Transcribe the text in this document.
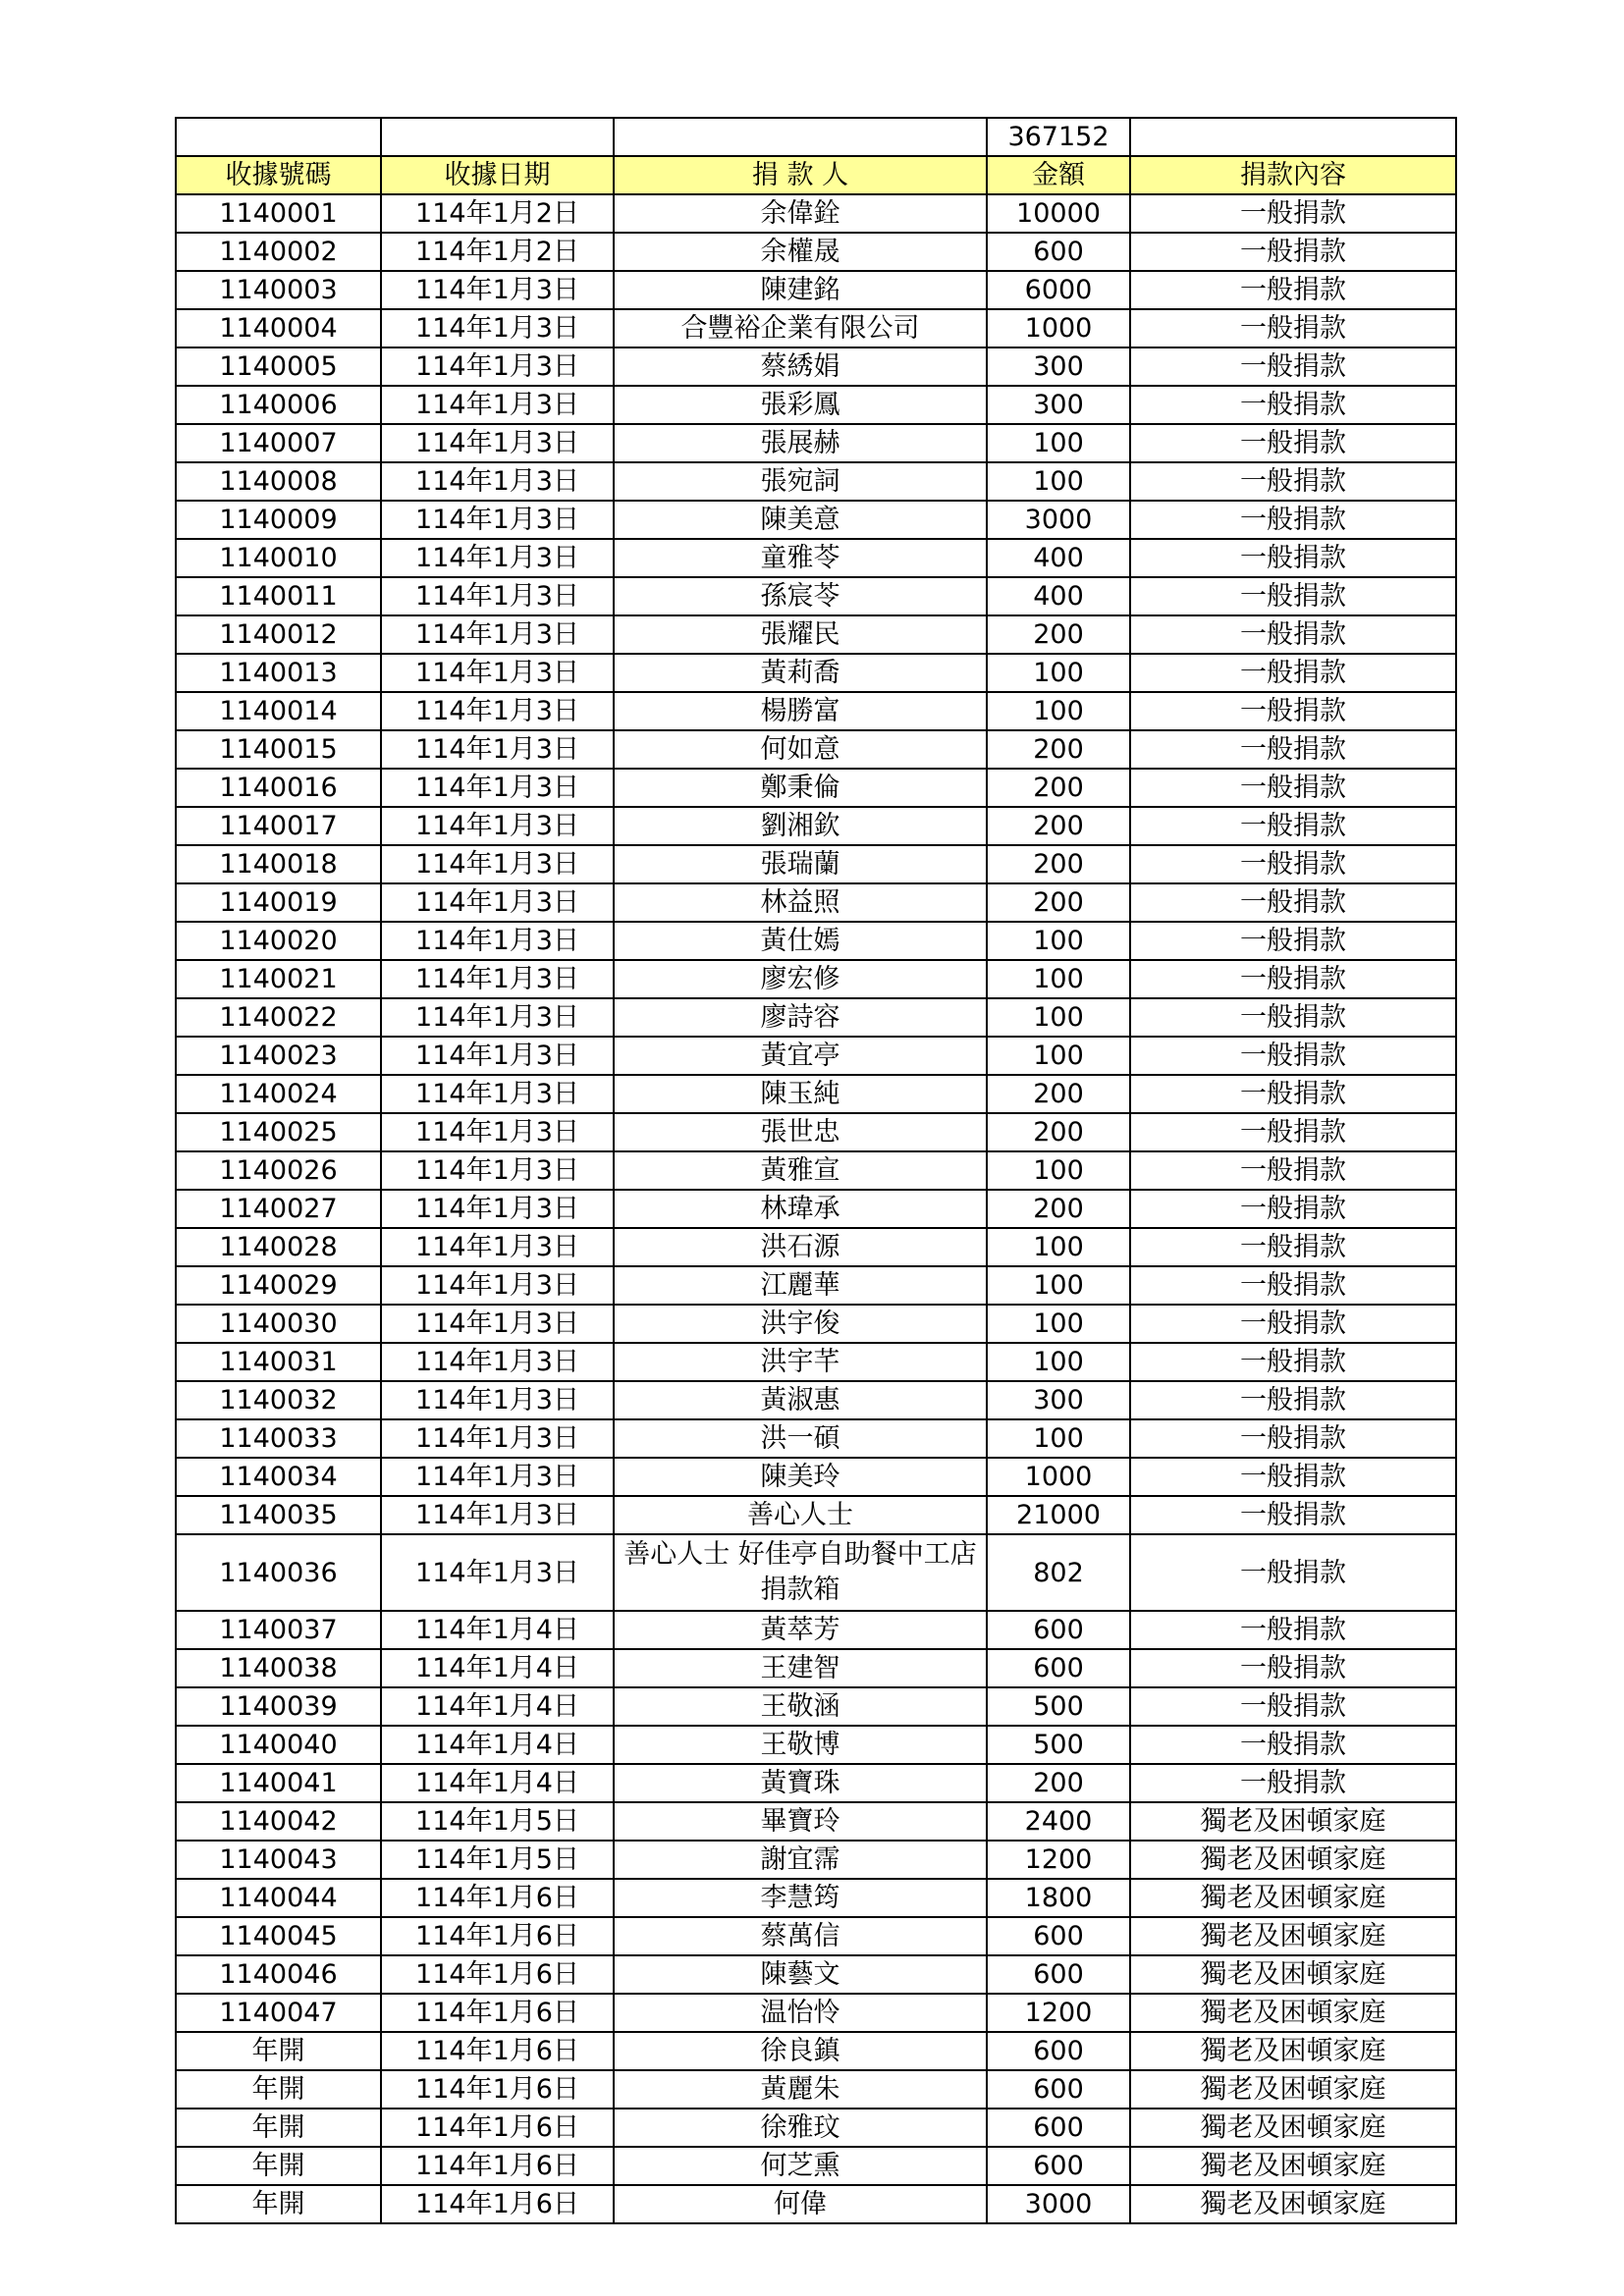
			367152	
收據號碼	收據日期	捐 款 人	金額	捐款內容
1140001	114年1月2日	余偉銓	10000	一般捐款
1140002	114年1月2日	余權晟	600	一般捐款
1140003	114年1月3日	陳建銘	6000	一般捐款
1140004	114年1月3日	合豐裕企業有限公司	1000	一般捐款
1140005	114年1月3日	蔡綉娟	300	一般捐款
1140006	114年1月3日	張彩鳳	300	一般捐款
1140007	114年1月3日	張展赫	100	一般捐款
1140008	114年1月3日	張宛詞	100	一般捐款
1140009	114年1月3日	陳美意	3000	一般捐款
1140010	114年1月3日	童雅苓	400	一般捐款
1140011	114年1月3日	孫宸苓	400	一般捐款
1140012	114年1月3日	張耀民	200	一般捐款
1140013	114年1月3日	黃莉喬	100	一般捐款
1140014	114年1月3日	楊勝富	100	一般捐款
1140015	114年1月3日	何如意	200	一般捐款
1140016	114年1月3日	鄭秉倫	200	一般捐款
1140017	114年1月3日	劉湘欽	200	一般捐款
1140018	114年1月3日	張瑞蘭	200	一般捐款
1140019	114年1月3日	林益照	200	一般捐款
1140020	114年1月3日	黃仕嫣	100	一般捐款
1140021	114年1月3日	廖宏修	100	一般捐款
1140022	114年1月3日	廖詩容	100	一般捐款
1140023	114年1月3日	黃宜亭	100	一般捐款
1140024	114年1月3日	陳玉純	200	一般捐款
1140025	114年1月3日	張世忠	200	一般捐款
1140026	114年1月3日	黃雅宣	100	一般捐款
1140027	114年1月3日	林瑋承	200	一般捐款
1140028	114年1月3日	洪石源	100	一般捐款
1140029	114年1月3日	江麗華	100	一般捐款
1140030	114年1月3日	洪宇俊	100	一般捐款
1140031	114年1月3日	洪宇芊	100	一般捐款
1140032	114年1月3日	黃淑惠	300	一般捐款
1140033	114年1月3日	洪一碩	100	一般捐款
1140034	114年1月3日	陳美玲	1000	一般捐款
1140035	114年1月3日	善心人士	21000	一般捐款
1140036	114年1月3日	善心人士 好佳亭自助餐中工店捐款箱	802	一般捐款
1140037	114年1月4日	黃萃芳	600	一般捐款
1140038	114年1月4日	王建智	600	一般捐款
1140039	114年1月4日	王敬涵	500	一般捐款
1140040	114年1月4日	王敬博	500	一般捐款
1140041	114年1月4日	黃寶珠	200	一般捐款
1140042	114年1月5日	畢寶玲	2400	獨老及困頓家庭
1140043	114年1月5日	謝宜霈	1200	獨老及困頓家庭
1140044	114年1月6日	李慧筠	1800	獨老及困頓家庭
1140045	114年1月6日	蔡萬信	600	獨老及困頓家庭
1140046	114年1月6日	陳藝文	600	獨老及困頓家庭
1140047	114年1月6日	温怡怜	1200	獨老及困頓家庭
年開	114年1月6日	徐良鎮	600	獨老及困頓家庭
年開	114年1月6日	黃麗朱	600	獨老及困頓家庭
年開	114年1月6日	徐雅玟	600	獨老及困頓家庭
年開	114年1月6日	何芝熏	600	獨老及困頓家庭
年開	114年1月6日	何偉	3000	獨老及困頓家庭
